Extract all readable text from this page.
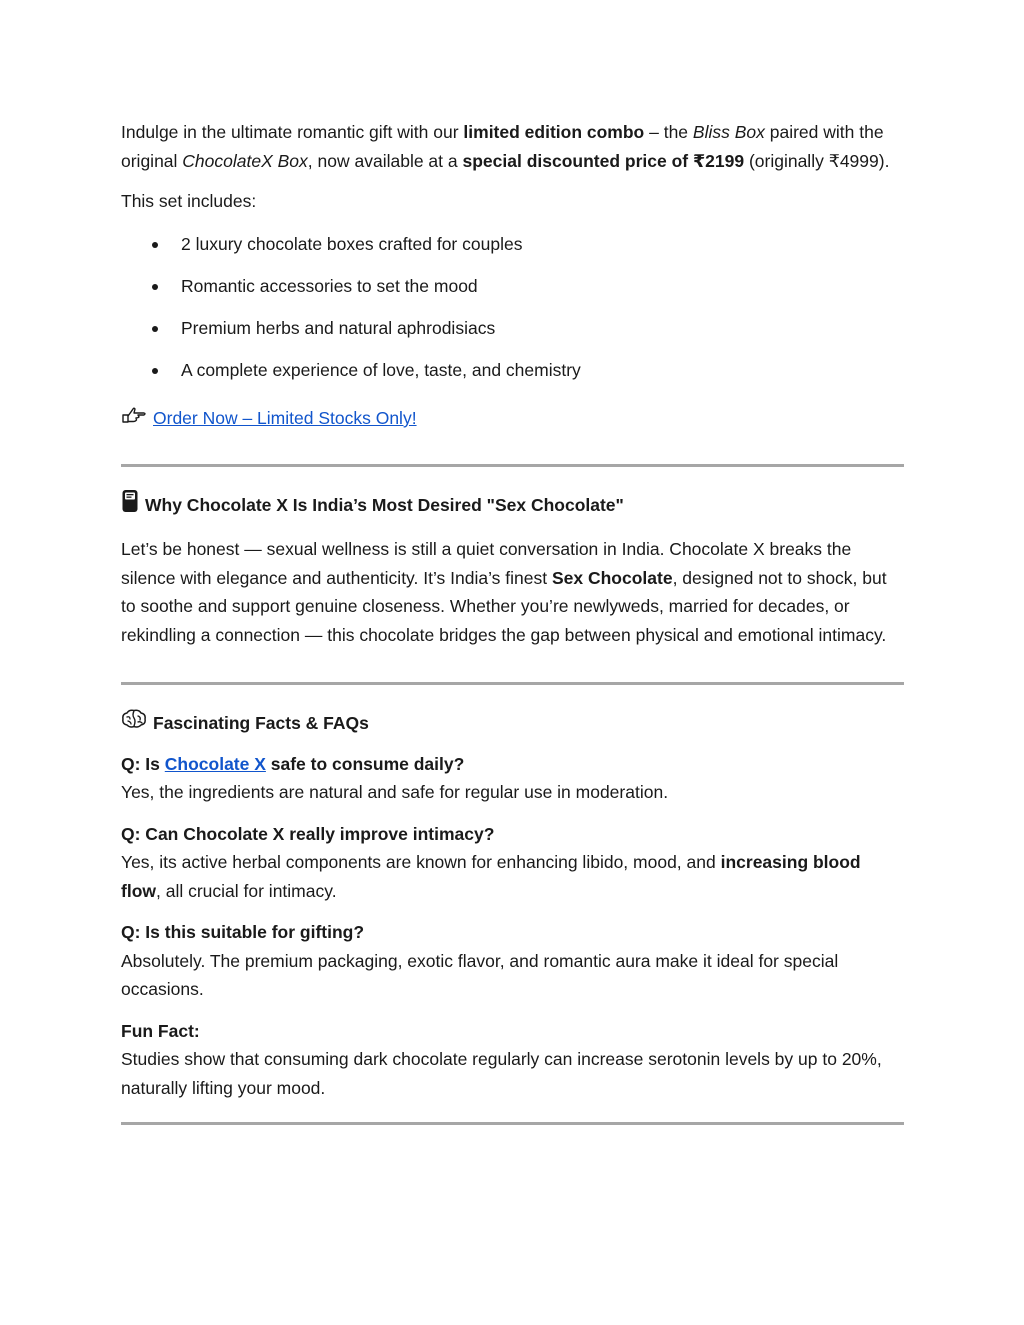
Indulge in the ultimate romantic gift with our limited edition combo – the Bliss Box paired with the original ChocolateX Box, now available at a special discounted price of ₹2199 (originally ₹4999).

This set includes:

2 luxury chocolate boxes crafted for couples
Romantic accessories to set the mood
Premium herbs and natural aphrodisiacs
A complete experience of love, taste, and chemistry
Order Now – Limited Stocks Only!
Why Chocolate X Is India’s Most Desired "Sex Chocolate"

Let’s be honest — sexual wellness is still a quiet conversation in India. Chocolate X breaks the silence with elegance and authenticity. It’s India’s finest Sex Chocolate, designed not to shock, but to soothe and support genuine closeness. Whether you’re newlyweds, married for decades, or rekindling a connection — this chocolate bridges the gap between physical and emotional intimacy.

Fascinating Facts & FAQs

Q: Is Chocolate X safe to consume daily?

Yes, the ingredients are natural and safe for regular use in moderation.

Q: Can Chocolate X really improve intimacy?

Yes, its active herbal components are known for enhancing libido, mood, and increasing blood flow, all crucial for intimacy.

Q: Is this suitable for gifting?

Absolutely. The premium packaging, exotic flavor, and romantic aura make it ideal for special occasions.

Fun Fact:

Studies show that consuming dark chocolate regularly can increase serotonin levels by up to 20%, naturally lifting your mood.
